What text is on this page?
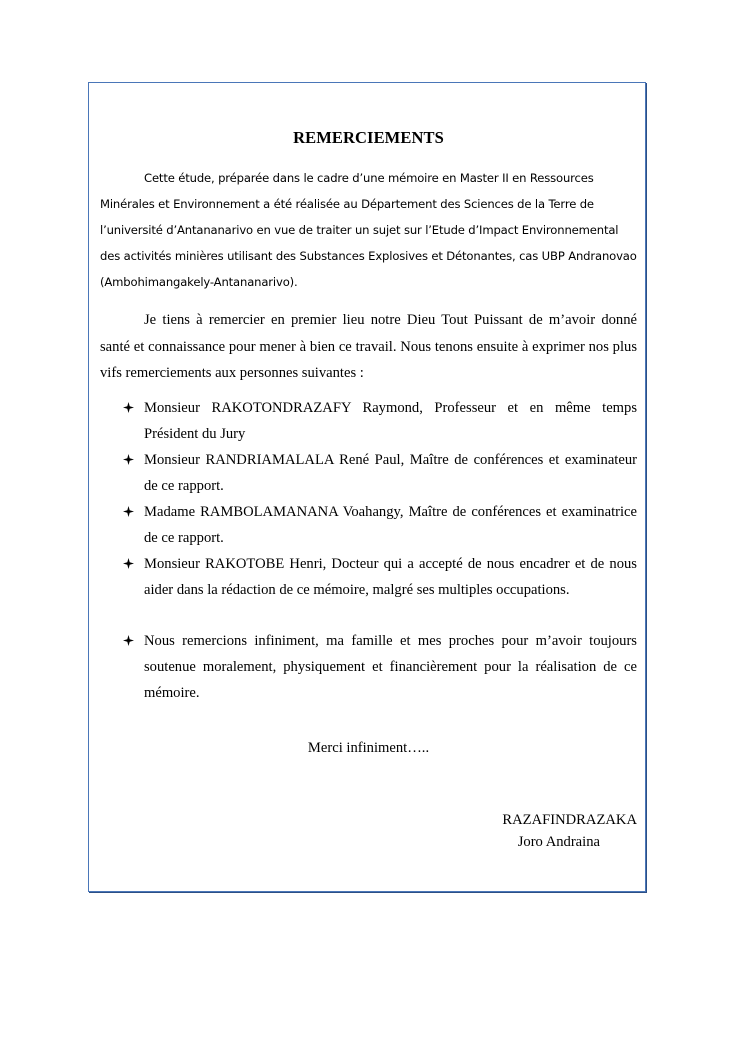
REMERCIEMENTS

Cette étude, préparée dans le cadre d’une mémoire en Master II en Ressources Minérales et Environnement a été réalisée au Département des Sciences de la Terre de l’université d’Antananarivo en vue de traiter un sujet sur l’Etude d’Impact Environnemental des activités minières utilisant des Substances Explosives et Détonantes, cas UBP Andranovao (Ambohimangakely-Antananarivo).

Je tiens à remercier en premier lieu notre Dieu Tout Puissant de m’avoir donné santé et connaissance pour mener à bien ce travail. Nous tenons ensuite à exprimer nos plus vifs remerciements aux personnes suivantes :

Monsieur RAKOTONDRAZAFY Raymond, Professeur et en même temps Président du Jury
Monsieur RANDRIAMALALA René Paul, Maître de conférences et examinateur de ce rapport.
Madame RAMBOLAMANANA Voahangy, Maître de conférences et examinatrice de ce rapport.
Monsieur RAKOTOBE Henri, Docteur qui a accepté de nous encadrer et de nous aider dans la rédaction de ce mémoire, malgré ses multiples occupations.
Nous remercions infiniment, ma famille et mes proches pour m’avoir toujours soutenue moralement, physiquement et financièrement pour la réalisation de ce mémoire.
Merci infiniment…..
RAZAFINDRAZAKA
Joro Andraina
